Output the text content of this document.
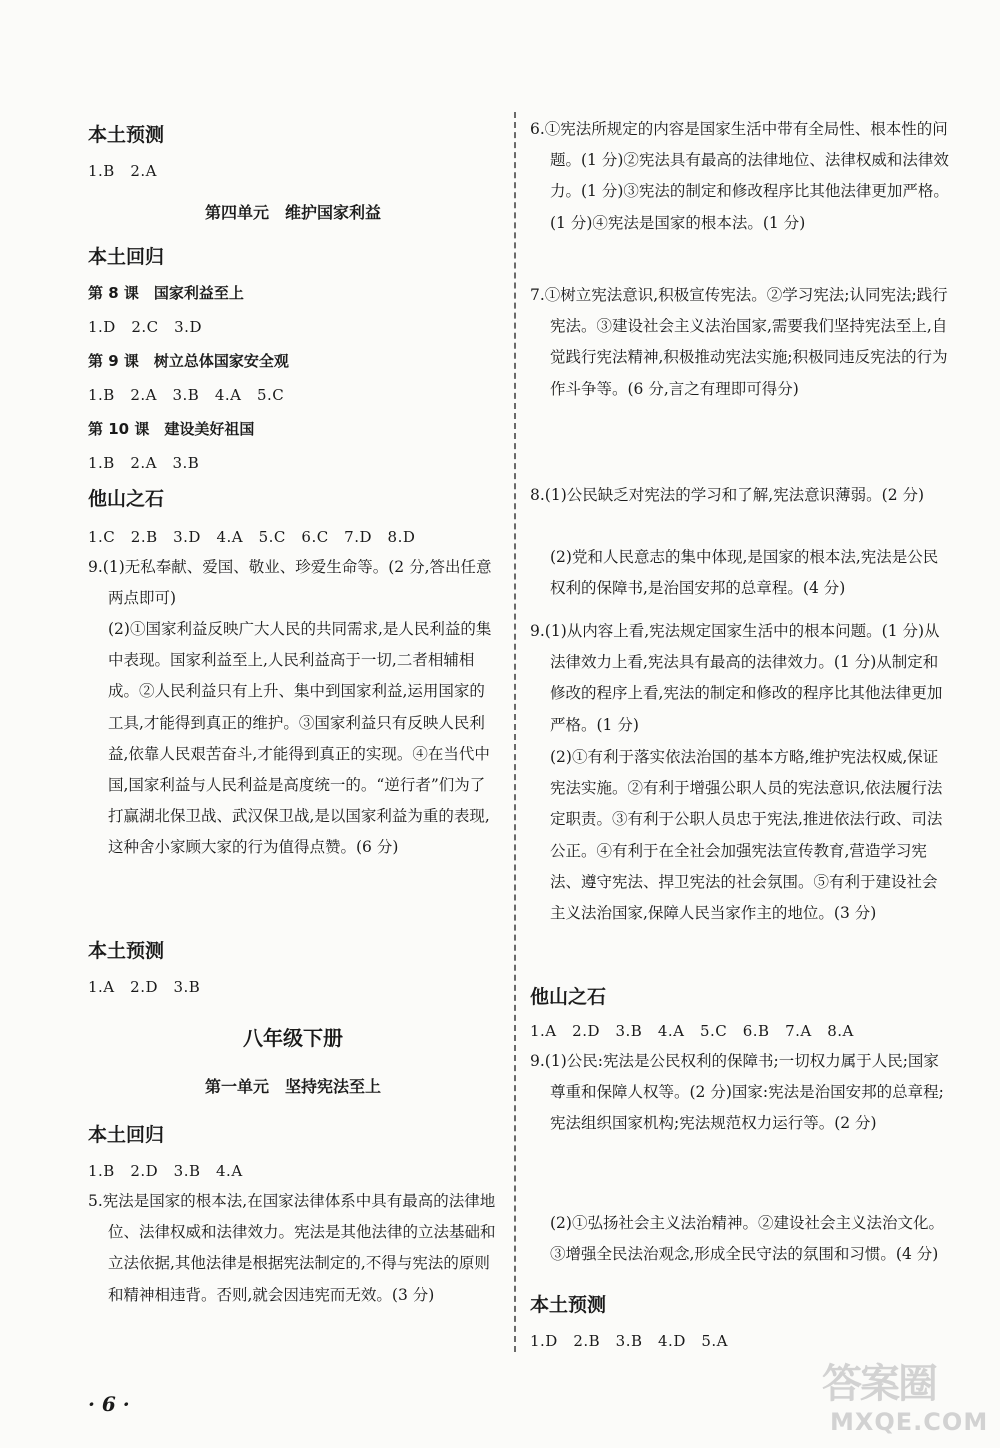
本土预测
1.B　2.A
第四单元　维护国家利益
本土回归
第 8 课　国家利益至上
1.D　2.C　3.D
第 9 课　树立总体国家安全观
1.B　2.A　3.B　4.A　5.C
第 10 课　建设美好祖国
1.B　2.A　3.B
他山之石
1.C　2.B　3.D　4.A　5.C　6.C　7.D　8.D
9.(1)无私奉献、爱国、敬业、珍爱生命等。(2 分,答出任意两点即可)
(2)①国家利益反映广大人民的共同需求,是人民利益的集中表现。国家利益至上,人民利益高于一切,二者相辅相成。②人民利益只有上升、集中到国家利益,运用国家的工具,才能得到真正的维护。③国家利益只有反映人民利益,依靠人民艰苦奋斗,才能得到真正的实现。④在当代中国,国家利益与人民利益是高度统一的。“逆行者”们为了打赢湖北保卫战、武汉保卫战,是以国家利益为重的表现,这种舍小家顾大家的行为值得点赞。(6 分)
本土预测
1.A　2.D　3.B
八年级下册
第一单元　坚持宪法至上
本土回归
1.B　2.D　3.B　4.A
5.宪法是国家的根本法,在国家法律体系中具有最高的法律地位、法律权威和法律效力。宪法是其他法律的立法基础和立法依据,其他法律是根据宪法制定的,不得与宪法的原则和精神相违背。否则,就会因违宪而无效。(3 分)
6.①宪法所规定的内容是国家生活中带有全局性、根本性的问题。(1 分)②宪法具有最高的法律地位、法律权威和法律效力。(1 分)③宪法的制定和修改程序比其他法律更加严格。(1 分)④宪法是国家的根本法。(1 分)
7.①树立宪法意识,积极宣传宪法。②学习宪法;认同宪法;践行宪法。③建设社会主义法治国家,需要我们坚持宪法至上,自觉践行宪法精神,积极推动宪法实施;积极同违反宪法的行为作斗争等。(6 分,言之有理即可得分)
8.(1)公民缺乏对宪法的学习和了解,宪法意识薄弱。(2 分)
(2)党和人民意志的集中体现,是国家的根本法,宪法是公民权利的保障书,是治国安邦的总章程。(4 分)
9.(1)从内容上看,宪法规定国家生活中的根本问题。(1 分)从法律效力上看,宪法具有最高的法律效力。(1 分)从制定和修改的程序上看,宪法的制定和修改的程序比其他法律更加严格。(1 分)
(2)①有利于落实依法治国的基本方略,维护宪法权威,保证宪法实施。②有利于增强公职人员的宪法意识,依法履行法定职责。③有利于公职人员忠于宪法,推进依法行政、司法公正。④有利于在全社会加强宪法宣传教育,营造学习宪法、遵守宪法、捍卫宪法的社会氛围。⑤有利于建设社会主义法治国家,保障人民当家作主的地位。(3 分)
他山之石
1.A　2.D　3.B　4.A　5.C　6.B　7.A　8.A
9.(1)公民:宪法是公民权利的保障书;一切权力属于人民;国家尊重和保障人权等。(2 分)国家:宪法是治国安邦的总章程;宪法组织国家机构;宪法规范权力运行等。(2 分)
(2)①弘扬社会主义法治精神。②建设社会主义法治文化。③增强全民法治观念,形成全民守法的氛围和习惯。(4 分)
本土预测
1.D　2.B　3.B　4.D　5.A
· 6 ·	答案圈
MXQE.COM
